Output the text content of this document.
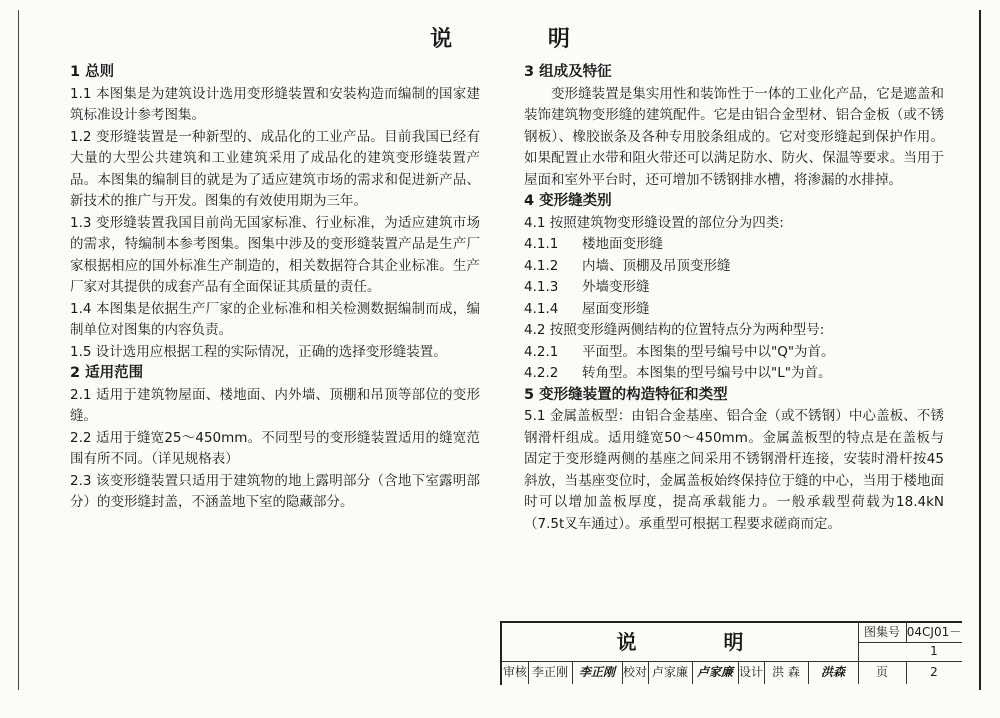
说 明

1 总则

1.1 本图集是为建筑设计选用变形缝装置和安装构造而编制的国家建筑标准设计参考图集。

1.2 变形缝装置是一种新型的、成品化的工业产品。目前我国已经有大量的大型公共建筑和工业建筑采用了成品化的建筑变形缝装置产品。本图集的编制目的就是为了适应建筑市场的需求和促进新产品、新技术的推广与开发。图集的有效使用期为三年。

1.3 变形缝装置我国目前尚无国家标准、行业标准，为适应建筑市场的需求，特编制本参考图集。图集中涉及的变形缝装置产品是生产厂家根据相应的国外标准生产制造的，相关数据符合其企业标准。生产厂家对其提供的成套产品有全面保证其质量的责任。

1.4 本图集是依据生产厂家的企业标准和相关检测数据编制而成，编制单位对图集的内容负责。

1.5 设计选用应根据工程的实际情况，正确的选择变形缝装置。

2 适用范围

2.1 适用于建筑物屋面、楼地面、内外墙、顶棚和吊顶等部位的变形缝。

2.2 适用于缝宽25～450mm。不同型号的变形缝装置适用的缝宽范围有所不同。（详见规格表）

2.3 该变形缝装置只适用于建筑物的地上露明部分（含地下室露明部分）的变形缝封盖，不涵盖地下室的隐藏部分。

3 组成及特征

变形缝装置是集实用性和装饰性于一体的工业化产品，它是遮盖和装饰建筑物变形缝的建筑配件。它是由铝合金型材、铝合金板（或不锈钢板）、橡胶嵌条及各种专用胶条组成的。它对变形缝起到保护作用。如果配置止水带和阻火带还可以满足防水、防火、保温等要求。当用于屋面和室外平台时，还可增加不锈钢排水槽，将渗漏的水排掉。

4 变形缝类别

4.1 按照建筑物变形缝设置的部位分为四类:

4.1.1 楼地面变形缝

4.1.2 内墙、顶棚及吊顶变形缝

4.1.3 外墙变形缝

4.1.4 屋面变形缝

4.2 按照变形缝两侧结构的位置特点分为两种型号:

4.2.1 平面型。本图集的型号编号中以"Q"为首。

4.2.2 转角型。本图集的型号编号中以"L"为首。

5 变形缝装置的构造特征和类型

5.1 金属盖板型：由铝合金基座、铝合金（或不锈钢）中心盖板、不锈钢滑杆组成。适用缝宽50～450mm。金属盖板型的特点是在盖板与固定于变形缝两侧的基座之间采用不锈钢滑杆连接，安装时滑杆按45斜放，当基座变位时，金属盖板始终保持位于缝的中心，当用于楼地面时可以增加盖板厚度，提高承载能力。一般承载型荷载为18.4kN（7.5t叉车通过）。承重型可根据工程要求磋商而定。

说 明	图集号 04CJ01－1
审核 李正刚 李正刚 校对 卢家廉 卢家廉 设计 洪 森	洪森	页	2
